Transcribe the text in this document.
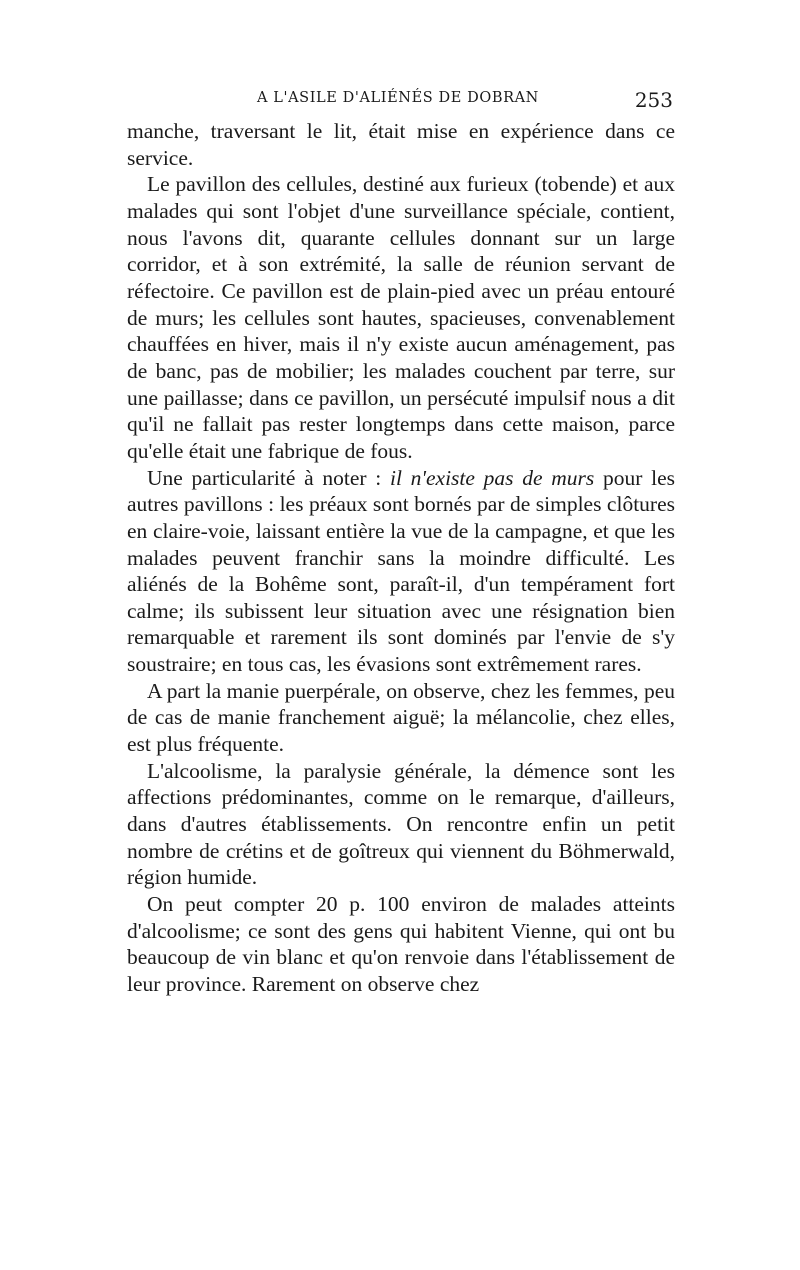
A L'ASILE D'ALIÉNÉS DE DOBRAN	253

manche, traversant le lit, était mise en expérience dans ce service.

Le pavillon des cellules, destiné aux furieux (tobende) et aux malades qui sont l'objet d'une surveillance spéciale, contient, nous l'avons dit, quarante cellules donnant sur un large corridor, et à son extrémité, la salle de réunion servant de réfectoire. Ce pavillon est de plain-pied avec un préau entouré de murs; les cellules sont hautes, spacieuses, convenablement chauffées en hiver, mais il n'y existe aucun aménagement, pas de banc, pas de mobilier; les malades couchent par terre, sur une paillasse; dans ce pavillon, un persécuté impulsif nous a dit qu'il ne fallait pas rester longtemps dans cette maison, parce qu'elle était une fabrique de fous.

Une particularité à noter : il n'existe pas de murs pour les autres pavillons : les préaux sont bornés par de simples clôtures en claire-voie, laissant entière la vue de la campagne, et que les malades peuvent franchir sans la moindre difficulté. Les aliénés de la Bohême sont, paraît-il, d'un tempérament fort calme; ils subissent leur situation avec une résignation bien remarquable et rarement ils sont dominés par l'envie de s'y soustraire; en tous cas, les évasions sont extrêmement rares.

A part la manie puerpérale, on observe, chez les femmes, peu de cas de manie franchement aiguë; la mélancolie, chez elles, est plus fréquente.

L'alcoolisme, la paralysie générale, la démence sont les affections prédominantes, comme on le remarque, d'ailleurs, dans d'autres établissements. On rencontre enfin un petit nombre de crétins et de goîtreux qui viennent du Böhmerwald, région humide.

On peut compter 20 p. 100 environ de malades atteints d'alcoolisme; ce sont des gens qui habitent Vienne, qui ont bu beaucoup de vin blanc et qu'on renvoie dans l'établissement de leur province. Rarement on observe chez
